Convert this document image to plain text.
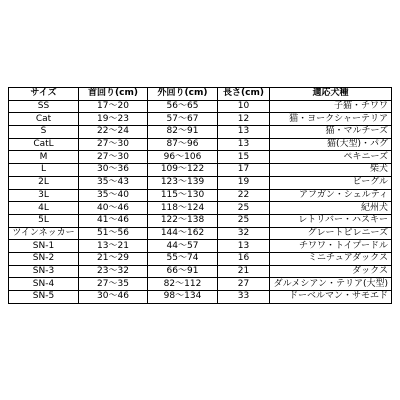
サイズ	首回り(cm)	外回り(cm)	長さ(cm)	適応犬種
SS	17～20	56～65	10	子猫・チワワ
Cat	19～23	57～67	12	猫・ヨークシャーテリア
S	22～24	82～91	13	猫・マルチーズ
CatL	27～30	87～96	13	猫(大型)・パグ
M	27～30	96～106	15	ペキニーズ
L	30～36	109～122	17	柴犬
2L	35～43	123～139	19	ビーグル
3L	35～40	115～130	22	アフガン・シェルティ
4L	40～46	118～124	25	紀州犬
5L	41～46	122～138	25	レトリバー・ハスキー
ツインネッカー	51～56	144～162	32	グレートピレニーズ
SN-1	13～21	44～57	13	チワワ・トイプードル
SN-2	21～29	55～74	16	ミニチュアダックス
SN-3	23～32	66～91	21	ダックス
SN-4	27～35	82～112	27	ダルメシアン・テリア(大型)
SN-5	30～46	98～134	33	ドーベルマン・サモエド
